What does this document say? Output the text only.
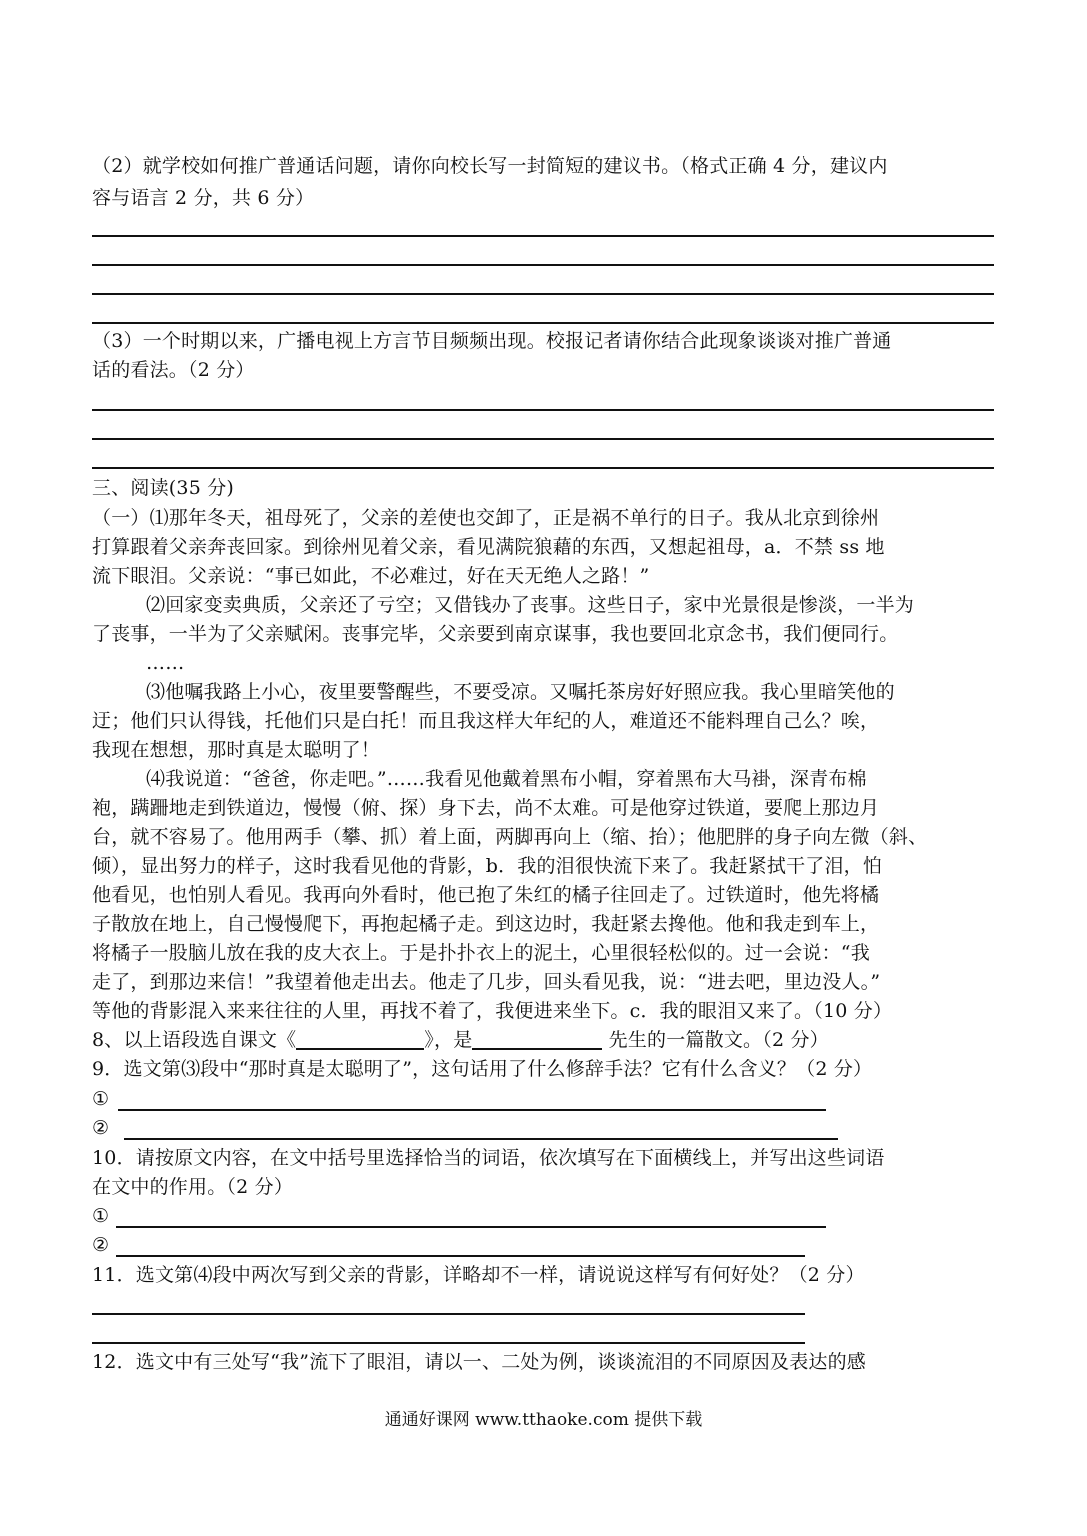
（2）就学校如何推广普通话问题，请你向校长写一封简短的建议书。（格式正确 4 分，建议内
容与语言 2 分，共 6 分）
（3）一个时期以来，广播电视上方言节目频频出现。校报记者请你结合此现象谈谈对推广普通
话的看法。（2 分）
三、阅读(35 分)
（一）⑴那年冬天，祖母死了，父亲的差使也交卸了，正是祸不单行的日子。我从北京到徐州
打算跟着父亲奔丧回家。到徐州见着父亲，看见满院狼藉的东西，又想起祖母，a．不禁 ss 地
流下眼泪。父亲说：“事已如此，不必难过，好在天无绝人之路！”
⑵回家变卖典质，父亲还了亏空；又借钱办了丧事。这些日子，家中光景很是惨淡，一半为
了丧事，一半为了父亲赋闲。丧事完毕，父亲要到南京谋事，我也要回北京念书，我们便同行。
……
⑶他嘱我路上小心，夜里要警醒些，不要受凉。又嘱托茶房好好照应我。我心里暗笑他的
迂；他们只认得钱，托他们只是白托！而且我这样大年纪的人，难道还不能料理自己么？唉，
我现在想想，那时真是太聪明了！
⑷我说道：“爸爸，你走吧。”……我看见他戴着黑布小帽，穿着黑布大马褂，深青布棉
袍，蹒跚地走到铁道边，慢慢（俯、探）身下去，尚不太难。可是他穿过铁道，要爬上那边月
台，就不容易了。他用两手（攀、抓）着上面，两脚再向上（缩、抬）；他肥胖的身子向左微（斜、
倾），显出努力的样子，这时我看见他的背影，b．我的泪很快流下来了。我赶紧拭干了泪，怕
他看见，也怕别人看见。我再向外看时，他已抱了朱红的橘子往回走了。过铁道时，他先将橘
子散放在地上，自己慢慢爬下，再抱起橘子走。到这边时，我赶紧去搀他。他和我走到车上，
将橘子一股脑儿放在我的皮大衣上。于是扑扑衣上的泥土，心里很轻松似的。过一会说：“我
走了，到那边来信！”我望着他走出去。他走了几步，回头看见我，说：“进去吧，里边没人。”
等他的背影混入来来往往的人里，再找不着了，我便进来坐下。c．我的眼泪又来了。（10 分）
8、以上语段选自课文《	》，是	先生的一篇散文。（2 分）
9．选文第⑶段中“那时真是太聪明了”，这句话用了什么修辞手法？它有什么含义？（2 分）
①
②
10．请按原文内容，在文中括号里选择恰当的词语，依次填写在下面横线上，并写出这些词语
在文中的作用。（2 分）
①
②
11．选文第⑷段中两次写到父亲的背影，详略却不一样，请说说这样写有何好处？（2 分）
12．选文中有三处写“我”流下了眼泪，请以一、二处为例，谈谈流泪的不同原因及表达的感
通通好课网 www.tthaoke.com 提供下载
